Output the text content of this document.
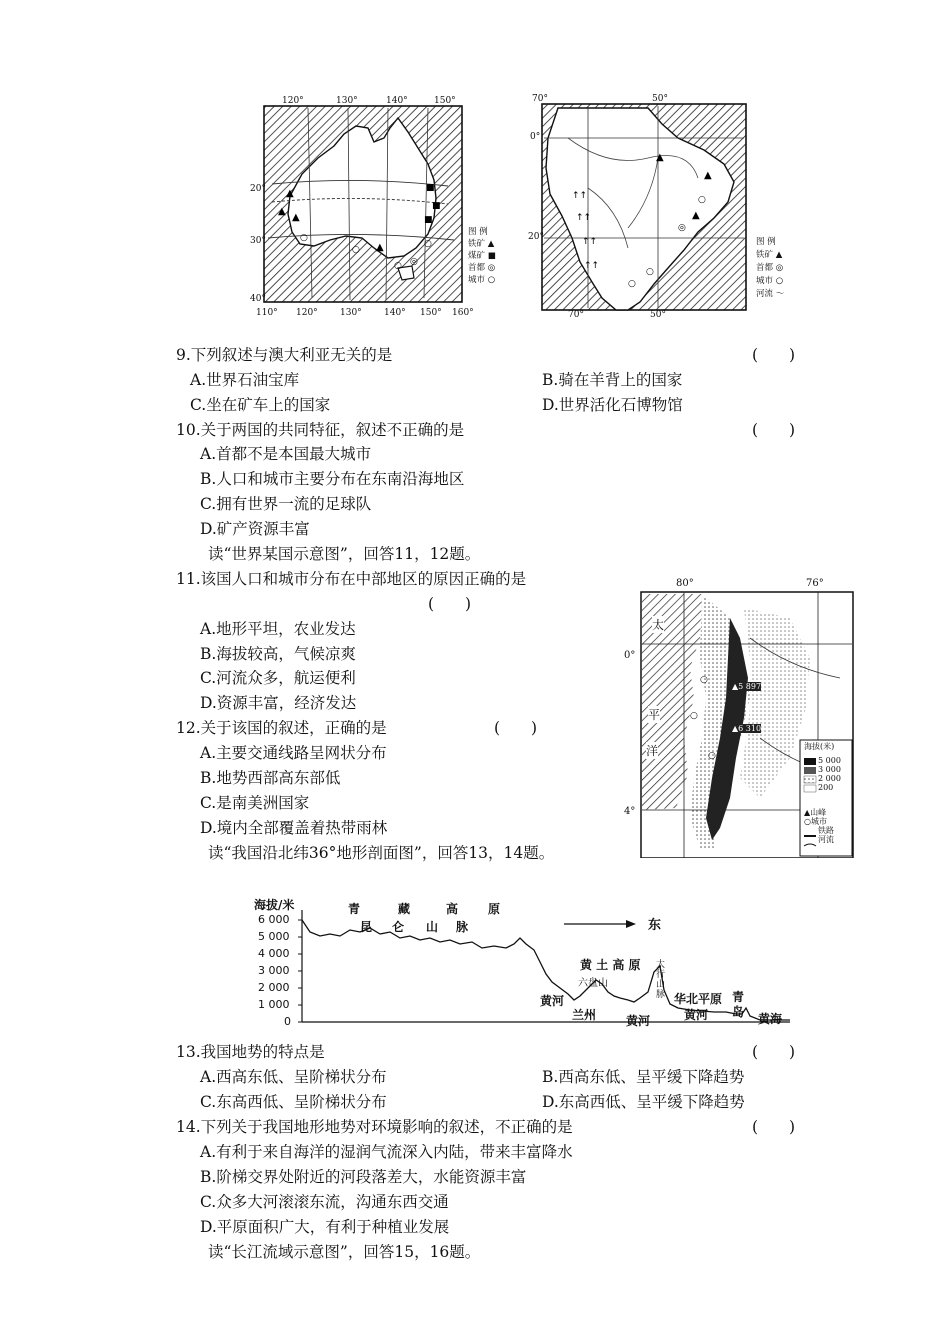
▲
▲
▲
■
■
■
▲
○ ◎
○
○
○
120°	130°	140°	150°
110° 120° 130° 140° 150° 160°
20°
30°
40°
图 例
铁矿 ▲
煤矿 ■
首都 ◎
城市 ○
↑↑
↑↑
↑↑
↑↑
▲
▲
▲
◎
○
○
○
70°	50°
70°	50°
0°
20°	图 例
铁矿 ▲
首都 ◎
城市 ○
河流 〜
9.下列叙述与澳大利亚无关的是	(　　)
A.世界石油宝库	B.骑在羊背上的国家
C.坐在矿车上的国家	D.世界活化石博物馆
10.关于两国的共同特征，叙述不正确的是	(　　)
A.首都不是本国最大城市
B.人口和城市主要分布在东南沿海地区
C.拥有世界一流的足球队
D.矿产资源丰富
读“世界某国示意图”，回答11，12题。
11.该国人口和城市分布在中部地区的原因正确的是
(　　)
A.地形平坦，农业发达
B.海拔较高，气候凉爽
C.河流众多，航运便利
D.资源丰富，经济发达
12.关于该国的叙述，正确的是	(　　)
A.主要交通线路呈网状分布
B.地势西部高东部低
C.是南美洲国家
D.境内全部覆盖着热带雨林
读“我国沿北纬36°地形剖面图”，回答13，14题。
○
○
○
80°	76°
0°
4°
太
平
洋
▲5 897
▲6 310
海拔(米)
5 000
3 000
2 000
200
▲山峰
○城市
铁路
河流
海拔/米
6 000
5 000
4 000
3 000
2 000
1 000
0
青	藏	高 原
昆 仑 山 脉	东
黄 土 高 原
六盘山
太
行
山
脉 华北平原 青
岛
黄河
兰州 黄河	黄河	黄海
13.我国地势的特点是	(　　)
A.西高东低、呈阶梯状分布	B.西高东低、呈平缓下降趋势
C.东高西低、呈阶梯状分布	D.东高西低、呈平缓下降趋势
14.下列关于我国地形地势对环境影响的叙述，不正确的是	(　　)
A.有利于来自海洋的湿润气流深入内陆，带来丰富降水
B.阶梯交界处附近的河段落差大，水能资源丰富
C.众多大河滚滚东流，沟通东西交通
D.平原面积广大，有利于种植业发展
读“长江流域示意图”，回答15，16题。
